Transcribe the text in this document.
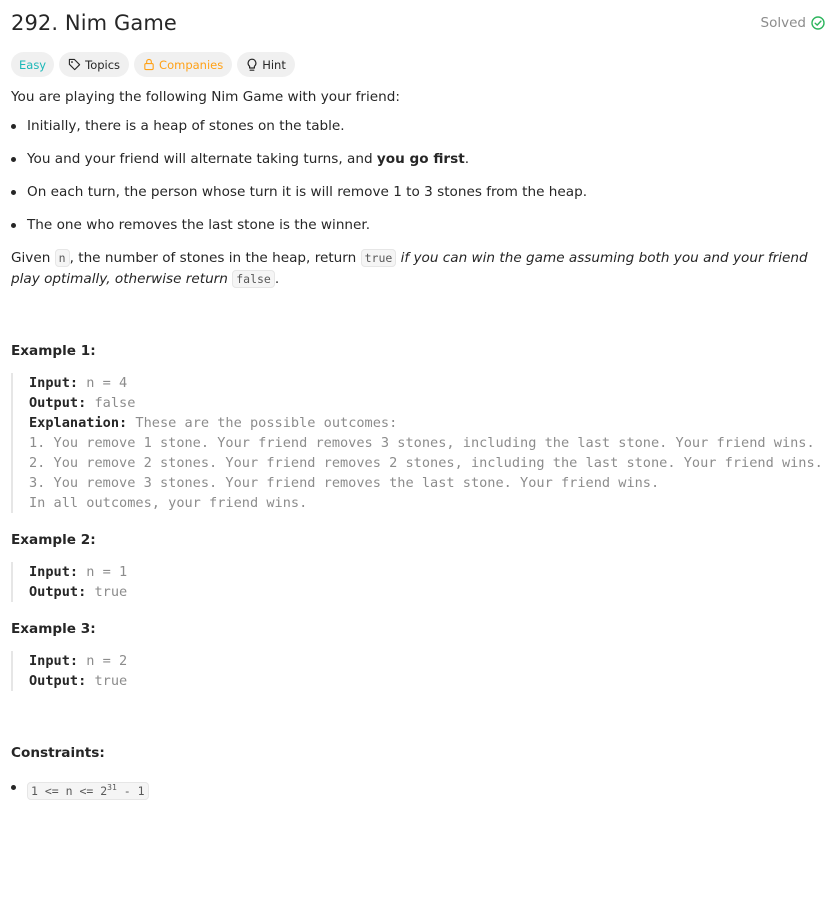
292. Nim Game	Solved
Easy	Topics	Companies	Hint
You are playing the following Nim Game with your friend:
Initially, there is a heap of stones on the table.
You and your friend will alternate taking turns, and you go first.
On each turn, the person whose turn it is will remove 1 to 3 stones from the heap.
The one who removes the last stone is the winner.
Given n , the number of stones in the heap, return true if you can win the game assuming both you and your friend play optimally, otherwise return false .
Example 1:
Input: n = 4
Output: false
Explanation: These are the possible outcomes:
1. You remove 1 stone. Your friend removes 3 stones, including the last stone. Your friend wins.
2. You remove 2 stones. Your friend removes 2 stones, including the last stone. Your friend wins.
3. You remove 3 stones. Your friend removes the last stone. Your friend wins.
In all outcomes, your friend wins.
Example 2:
Input: n = 1
Output: true
Example 3:
Input: n = 2
Output: true
Constraints:
$1 <= n <= 2^{31} - 1$
